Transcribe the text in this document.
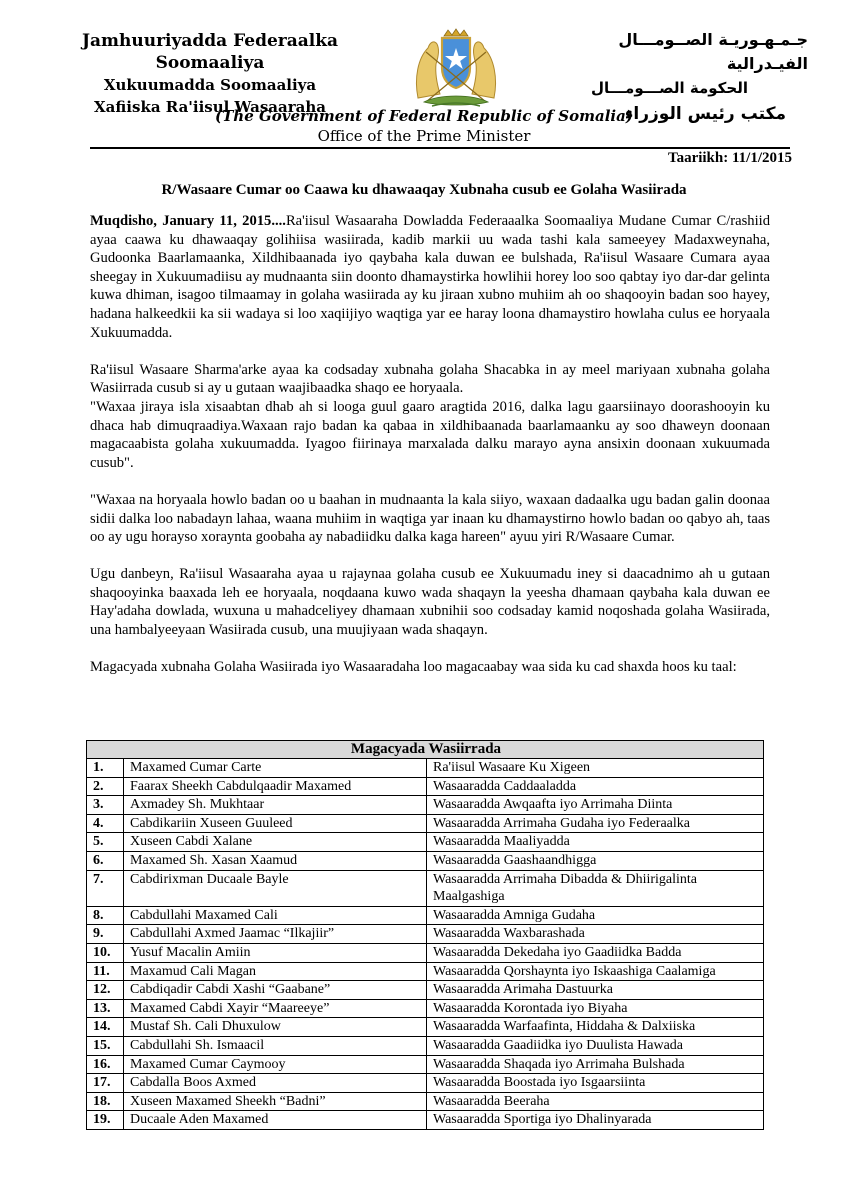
Jamhuuriyadda Federaalka Soomaaliya
Xukuumadda Soomaaliya
Xafiiska Ra'iisul Wasaaraha
جـمـهـوريـة الصــومـــال الفيـدرالية
الحكومة الصـــومـــال
مكتب رئيس الوزراء
(The Government of Federal Republic of Somalia)
Office of the Prime Minister
Taariikh: 11/1/2015
R/Wasaare Cumar oo Caawa ku dhawaaqay Xubnaha cusub ee Golaha Wasiirada

Muqdisho, January 11, 2015....Ra'iisul Wasaaraha Dowladda Federaaalka Soomaaliya Mudane Cumar C/rashiid ayaa caawa ku dhawaaqay golihiisa wasiirada, kadib markii uu wada tashi kala sameeyey Madaxweynaha, Gudoonka Baarlamaanka, Xildhibaanada iyo qaybaha kala duwan ee bulshada, Ra'iisul Wasaare Cumara ayaa sheegay in Xukuumadiisu ay mudnaanta siin doonto dhamaystirka howlihii horey loo soo qabtay iyo dar-dar gelinta kuwa dhiman, isagoo tilmaamay in golaha wasiirada ay ku jiraan xubno muhiim ah oo shaqooyin badan soo hayey, hadana halkeedkii ka sii wadaya si loo xaqiijiyo waqtiga yar ee haray loona dhamaystiro howlaha culus ee horyaala Xukuumadda.

Ra'iisul Wasaare Sharma'arke ayaa ka codsaday xubnaha golaha Shacabka in ay meel mariyaan xubnaha golaha Wasiirrada cusub si ay u gutaan waajibaadka shaqo ee horyaala.

"Waxaa jiraya isla xisaabtan dhab ah si looga guul gaaro aragtida 2016, dalka lagu gaarsiinayo doorashooyin ku dhaca hab dimuqraadiya.Waxaan rajo badan ka qabaa in xildhibaanada baarlamaanku ay soo dhaweyn doonaan magacaabista golaha xukuumadda. Iyagoo fiirinaya marxalada dalku marayo ayna ansixin doonaan xukuumada cusub".

"Waxaa na horyaala howlo badan oo u baahan in mudnaanta la kala siiyo, waxaan dadaalka ugu badan galin doonaa sidii dalka loo nabadayn lahaa, waana muhiim in waqtiga yar inaan ku dhamaystirno howlo badan oo qabyo ah, taas oo ay ugu horayso xoraynta goobaha ay nabadiidku dalka kaga hareen" ayuu yiri R/Wasaare Cumar.

Ugu danbeyn, Ra'iisul Wasaaraha ayaa u rajaynaa golaha cusub ee Xukuumadu iney si daacadnimo ah u gutaan shaqooyinka baaxada leh ee horyaala, noqdaana kuwo wada shaqayn la yeesha dhamaan qaybaha kala duwan ee Hay'adaha dowlada, wuxuna u mahadceliyey dhamaan xubnihii soo codsaday kamid noqoshada golaha Wasiirada, una hambalyeeyaan Wasiirada cusub, una muujiyaan wada shaqayn.

Magacyada xubnaha Golaha Wasiirada iyo Wasaaradaha loo magacaabay waa sida ku cad shaxda hoos ku taal:

Magacyada Wasiirrada		
1.	Maxamed Cumar Carte	Ra'iisul Wasaare Ku Xigeen
2.	Faarax Sheekh Cabdulqaadir Maxamed	Wasaaradda Caddaaladda
3.	Axmadey Sh. Mukhtaar	Wasaaradda Awqaafta iyo Arrimaha Diinta
4.	Cabdikariin Xuseen Guuleed	Wasaaradda Arrimaha Gudaha iyo Federaalka
5.	Xuseen Cabdi Xalane	Wasaaradda Maaliyadda
6.	Maxamed Sh. Xasan Xaamud	Wasaaradda Gaashaandhigga
7.	Cabdirixman Ducaale Bayle	Wasaaradda Arrimaha Dibadda & Dhiirigalinta Maalgashiga
8.	Cabdullahi Maxamed Cali	Wasaaradda Amniga Gudaha
9.	Cabdullahi Axmed Jaamac “Ilkajiir”	Wasaaradda Waxbarashada
10.	Yusuf Macalin Amiin	Wasaaradda Dekedaha iyo Gaadiidka Badda
11.	Maxamud Cali Magan	Wasaaradda Qorshaynta iyo Iskaashiga Caalamiga
12.	Cabdiqadir Cabdi Xashi “Gaabane”	Wasaaradda Arimaha Dastuurka
13.	Maxamed Cabdi Xayir “Maareeye”	Wasaaradda Korontada iyo Biyaha
14.	Mustaf Sh. Cali Dhuxulow	Wasaaradda Warfaafinta, Hiddaha & Dalxiiska
15.	Cabdullahi Sh. Ismaacil	Wasaaradda Gaadiidka iyo Duulista Hawada
16.	Maxamed Cumar Caymooy	Wasaaradda Shaqada iyo Arrimaha Bulshada
17.	Cabdalla Boos Axmed	Wasaaradda Boostada iyo Isgaarsiinta
18.	Xuseen Maxamed Sheekh “Badni”	Wasaaradda Beeraha
19.	Ducaale Aden Maxamed	Wasaaradda Sportiga iyo Dhalinyarada
